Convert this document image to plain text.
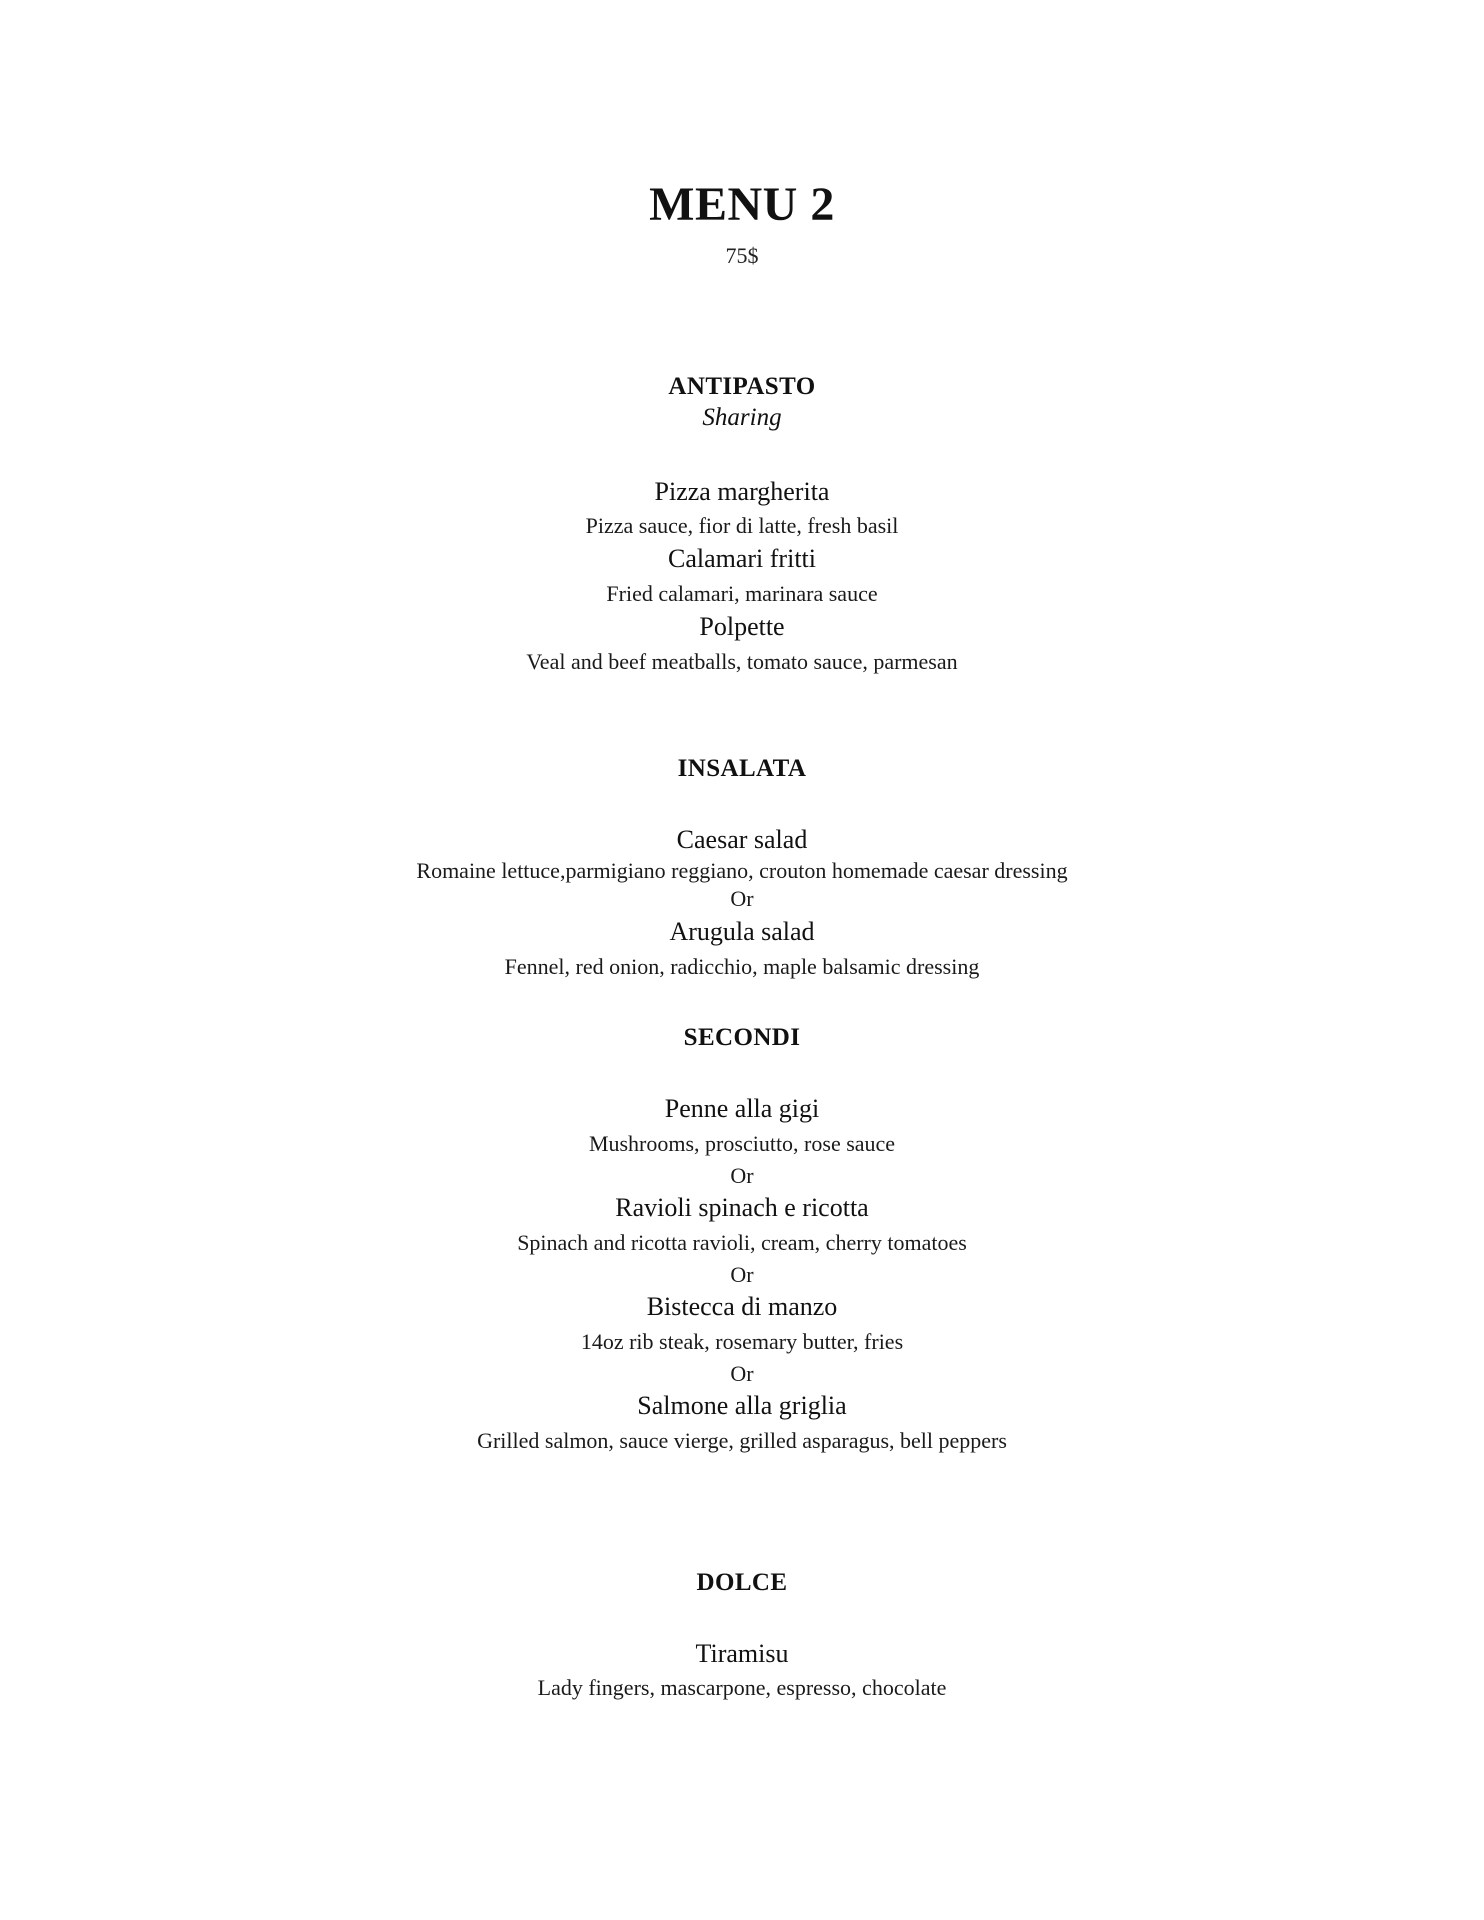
MENU 2
75$
ANTIPASTO
Sharing
Pizza margherita
Pizza sauce, fior di latte, fresh basil
Calamari fritti
Fried calamari, marinara sauce
Polpette
Veal and beef meatballs, tomato sauce, parmesan
INSALATA
Caesar salad
Romaine lettuce,parmigiano reggiano, crouton homemade caesar dressing
Or
Arugula salad
Fennel, red onion, radicchio, maple balsamic dressing
SECONDI
Penne alla gigi
Mushrooms, prosciutto, rose sauce
Or
Ravioli spinach e ricotta
Spinach and ricotta ravioli, cream, cherry tomatoes
Or
Bistecca di manzo
14oz rib steak, rosemary butter, fries
Or
Salmone alla griglia
Grilled salmon, sauce vierge, grilled asparagus, bell peppers
DOLCE
Tiramisu
Lady fingers, mascarpone, espresso, chocolate
